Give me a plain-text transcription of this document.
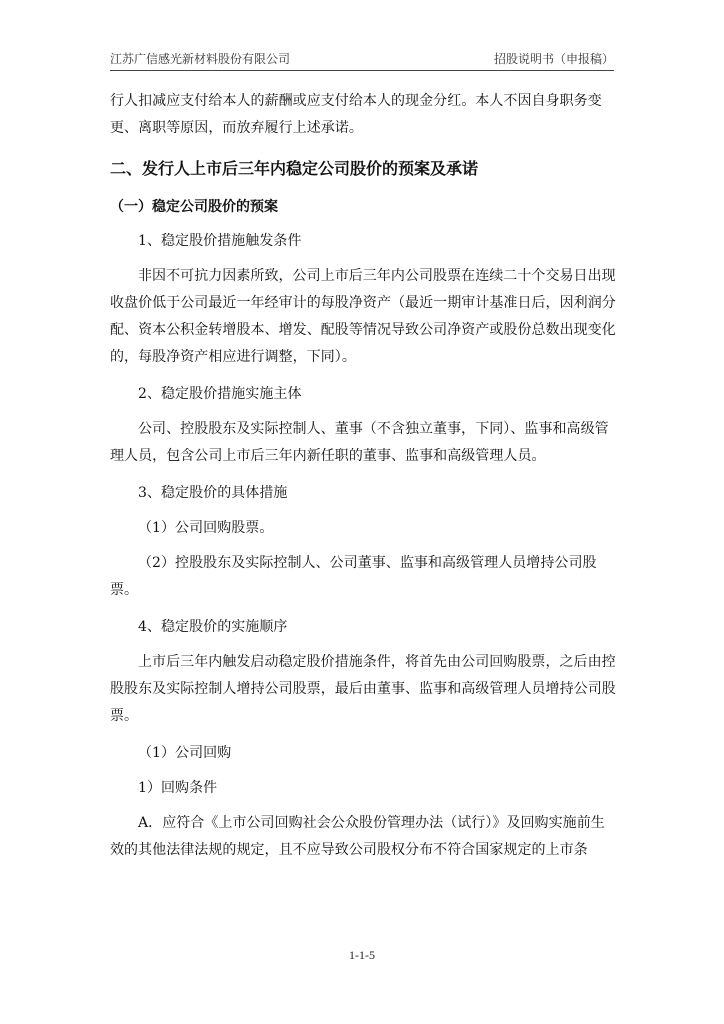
江苏广信感光新材料股份有限公司	招股说明书（申报稿）

行人扣减应支付给本人的薪酬或应支付给本人的现金分红。本人不因自身职务变更、离职等原因，而放弃履行上述承诺。

二、发行人上市后三年内稳定公司股价的预案及承诺
（一）稳定公司股价的预案

1、稳定股价措施触发条件

非因不可抗力因素所致，公司上市后三年内公司股票在连续二十个交易日出现收盘价低于公司最近一年经审计的每股净资产（最近一期审计基准日后，因利润分配、资本公积金转增股本、增发、配股等情况导致公司净资产或股份总数出现变化的，每股净资产相应进行调整，下同）。

2、稳定股价措施实施主体

公司、控股股东及实际控制人、董事（不含独立董事，下同）、监事和高级管理人员，包含公司上市后三年内新任职的董事、监事和高级管理人员。

3、稳定股价的具体措施

（1）公司回购股票。

（2）控股股东及实际控制人、公司董事、监事和高级管理人员增持公司股票。

4、稳定股价的实施顺序

上市后三年内触发启动稳定股价措施条件，将首先由公司回购股票，之后由控股股东及实际控制人增持公司股票，最后由董事、监事和高级管理人员增持公司股票。

（1）公司回购

1）回购条件

A．应符合《上市公司回购社会公众股份管理办法（试行）》及回购实施前生效的其他法律法规的规定，且不应导致公司股权分布不符合国家规定的上市条

1-1-5
